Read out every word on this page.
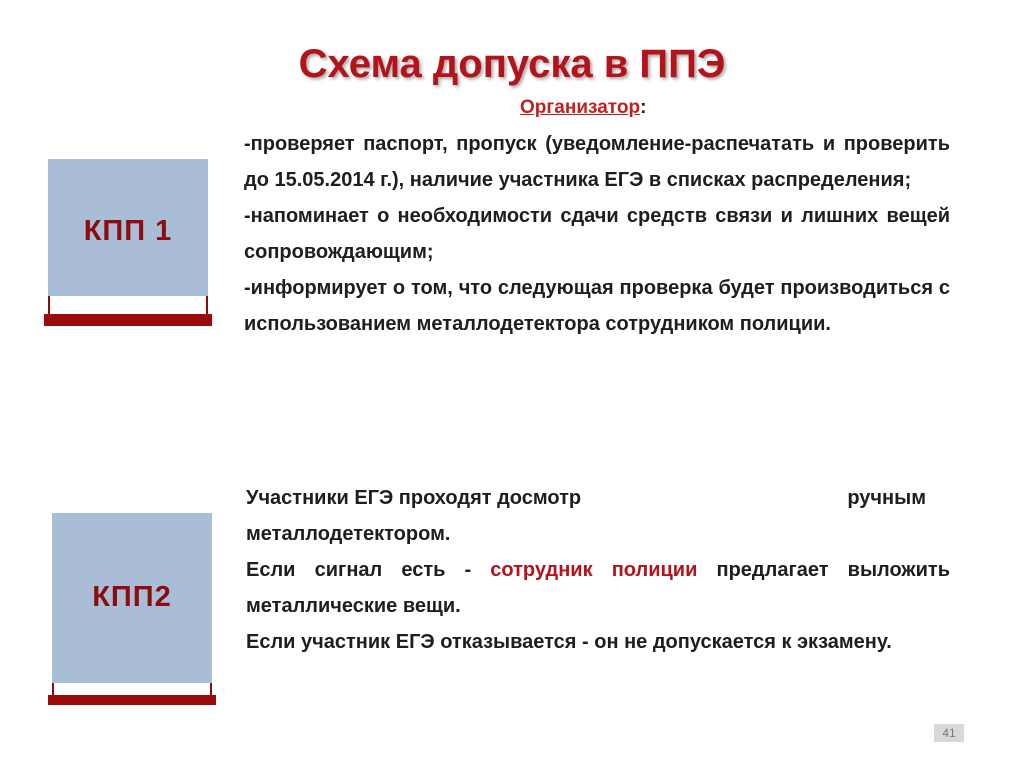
Схема допуска в ППЭ
Организатор:
КПП 1
-проверяет паспорт, пропуск (уведомление-распечатать и проверить до 15.05.2014 г.), наличие участника ЕГЭ в списках распределения;
-напоминает о необходимости сдачи средств связи и лишних вещей сопровождающим;
-информирует о том, что следующая проверка будет производиться с использованием металлодетектора сотрудником полиции.
КПП2
Участники ЕГЭ проходят досмотр	ручным
металлодетектором.
Если сигнал есть - сотрудник полиции предлагает выложить металлические вещи.
Если участник ЕГЭ отказывается - он не допускается к экзамену.
41
